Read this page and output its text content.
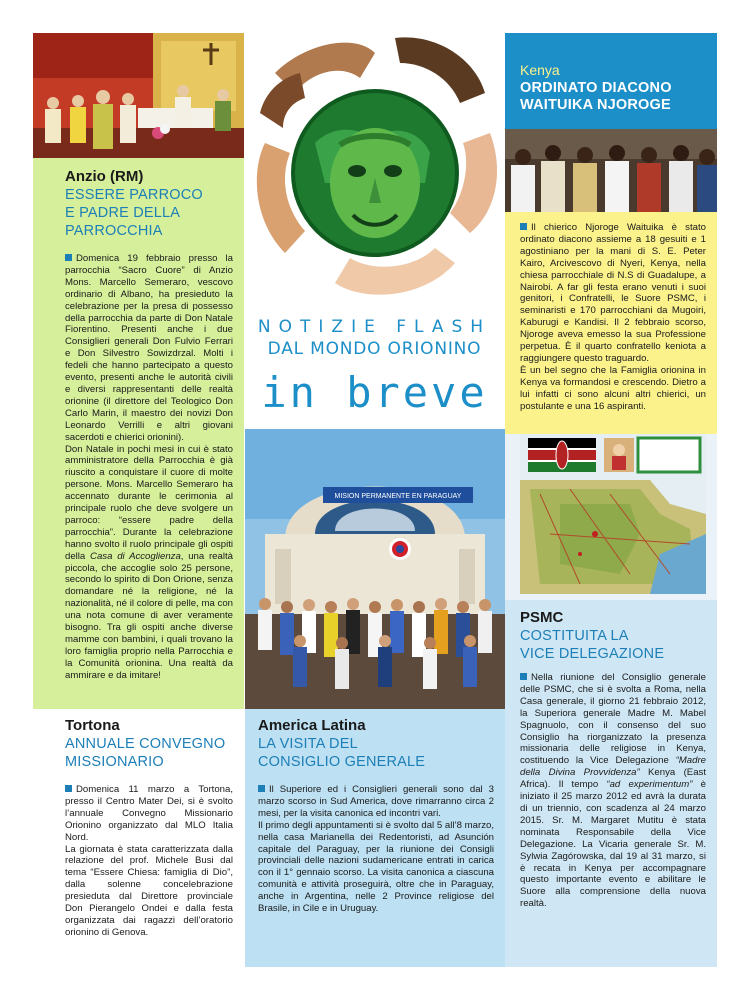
NOTIZIE FLASH
DAL MONDO ORIONINO
in breve
MISION PERMANENTE EN PARAGUAY
Kenya
ORDINATO DIACONO
WAITUIKA NJOROGE
Anzio (RM)
ESSERE PARROCO
E PADRE DELLA
PARROCCHIA

Domenica 19 febbraio presso la parrocchia “Sacro Cuore” di Anzio Mons. Marcello Semeraro, vescovo ordinario di Albano, ha presieduto la celebrazione per la presa di possesso della parrocchia da parte di Don Natale Fiorentino. Presenti anche i due Consiglieri generali Don Fulvio Ferrari e Don Silvestro Sowizdrzal. Molti i fedeli che hanno partecipato a questo evento, presenti anche le autorità civili e diversi rappresentanti delle realtà orionine (il direttore del Teologico Don Carlo Marin, il maestro dei novizi Don Leonardo Verrilli e altri giovani sacerdoti e chierici orionini).

Don Natale in pochi mesi in cui è stato amministratore della Parrocchia è già riuscito a conquistare il cuore di molte persone. Mons. Marcello Semeraro ha accennato durante le cerimonia al principale ruolo che deve svolgere un parroco: “essere padre della parrocchia”. Durante la celebrazione hanno svolto il ruolo principale gli ospiti della Casa di Accoglienza, una realtà piccola, che accoglie solo 25 persone, secondo lo spirito di Don Orione, senza domandare né la religione, né la nazionalità, né il colore di pelle, ma con una nota comune di aver veramente bisogno. Tra gli ospiti anche diverse mamme con bambini, i quali trovano la loro famiglia proprio nella Parrocchia e la Comunità orionina. Una realtà da ammirare e da imitare!

Tortona
ANNUALE CONVEGNO
MISSIONARIO

Domenica 11 marzo a Tortona, presso il Centro Mater Dei, si è svolto l’annuale Convegno Missionario Orionino organizzato dal MLO Italia Nord.

La giornata è stata caratterizzata dalla relazione del prof. Michele Busi dal tema “Essere Chiesa: famiglia di Dio”, dalla solenne concelebrazione presieduta dal Direttore provinciale Don Pierangelo Ondei e dalla festa organizzata dai ragazzi dell’oratorio orionino di Genova.

America Latina
LA VISITA DEL
CONSIGLIO GENERALE

Il Superiore ed i Consiglieri generali sono dal 3 marzo scorso in Sud America, dove rimarranno circa 2 mesi, per la visita canonica ed incontri vari.

Il primo degli appuntamenti si è svolto dal 5 all’8 marzo, nella casa Marianella dei Redentoristi, ad Asunción capitale del Paraguay, per la riunione dei Consigli provinciali delle nazioni sudamericane entrati in carica con il 1° gennaio scorso. La visita canonica a ciascuna comunità e attività proseguirà, oltre che in Paraguay, anche in Argentina, nelle 2 Province religiose del Brasile, in Cile e in Uruguay.

Il chierico Njoroge Waituika è stato ordinato diacono assieme a 18 gesuiti e 1 agostiniano per la mani di S. E. Peter Kairo, Arcivescovo di Nyeri, Kenya, nella chiesa parrocchiale di N.S di Guadalupe, a Nairobi. A far gli festa erano venuti i suoi genitori, i Confratelli, le Suore PSMC, i seminaristi e 170 parrocchiani da Mugoiri, Kaburugi e Kandisi. Il 2 febbraio scorso, Njoroge aveva emesso la sua Professione perpetua. È il quarto confratello keniota a raggiungere questo traguardo.

È un bel segno che la Famiglia orionina in Kenya va formandosi e crescendo. Dietro a lui infatti ci sono alcuni altri chierici, un postulante e una 16 aspiranti.

PSMC
COSTITUITA LA
VICE DELEGAZIONE

Nella riunione del Consiglio generale delle PSMC, che si è svolta a Roma, nella Casa generale, il giorno 21 febbraio 2012, la Superiora generale Madre M. Mabel Spagnuolo, con il consenso del suo Consiglio ha riorganizzato la presenza missionaria delle religiose in Kenya, costituendo la Vice Delegazione “Madre della Divina Provvidenza” Kenya (East Africa). Il tempo “ad experimentum” è iniziato il 25 marzo 2012 ed avrà la durata di un triennio, con scadenza al 24 marzo 2015. Sr. M. Margaret Mutitu è stata nominata Responsabile della Vice Delegazione. La Vicaria generale Sr. M. Sylwia Zagórowska, dal 19 al 31 marzo, si è recata in Kenya per accompagnare questo importante evento e abilitare le Suore alla comprensione della nuova realtà.
